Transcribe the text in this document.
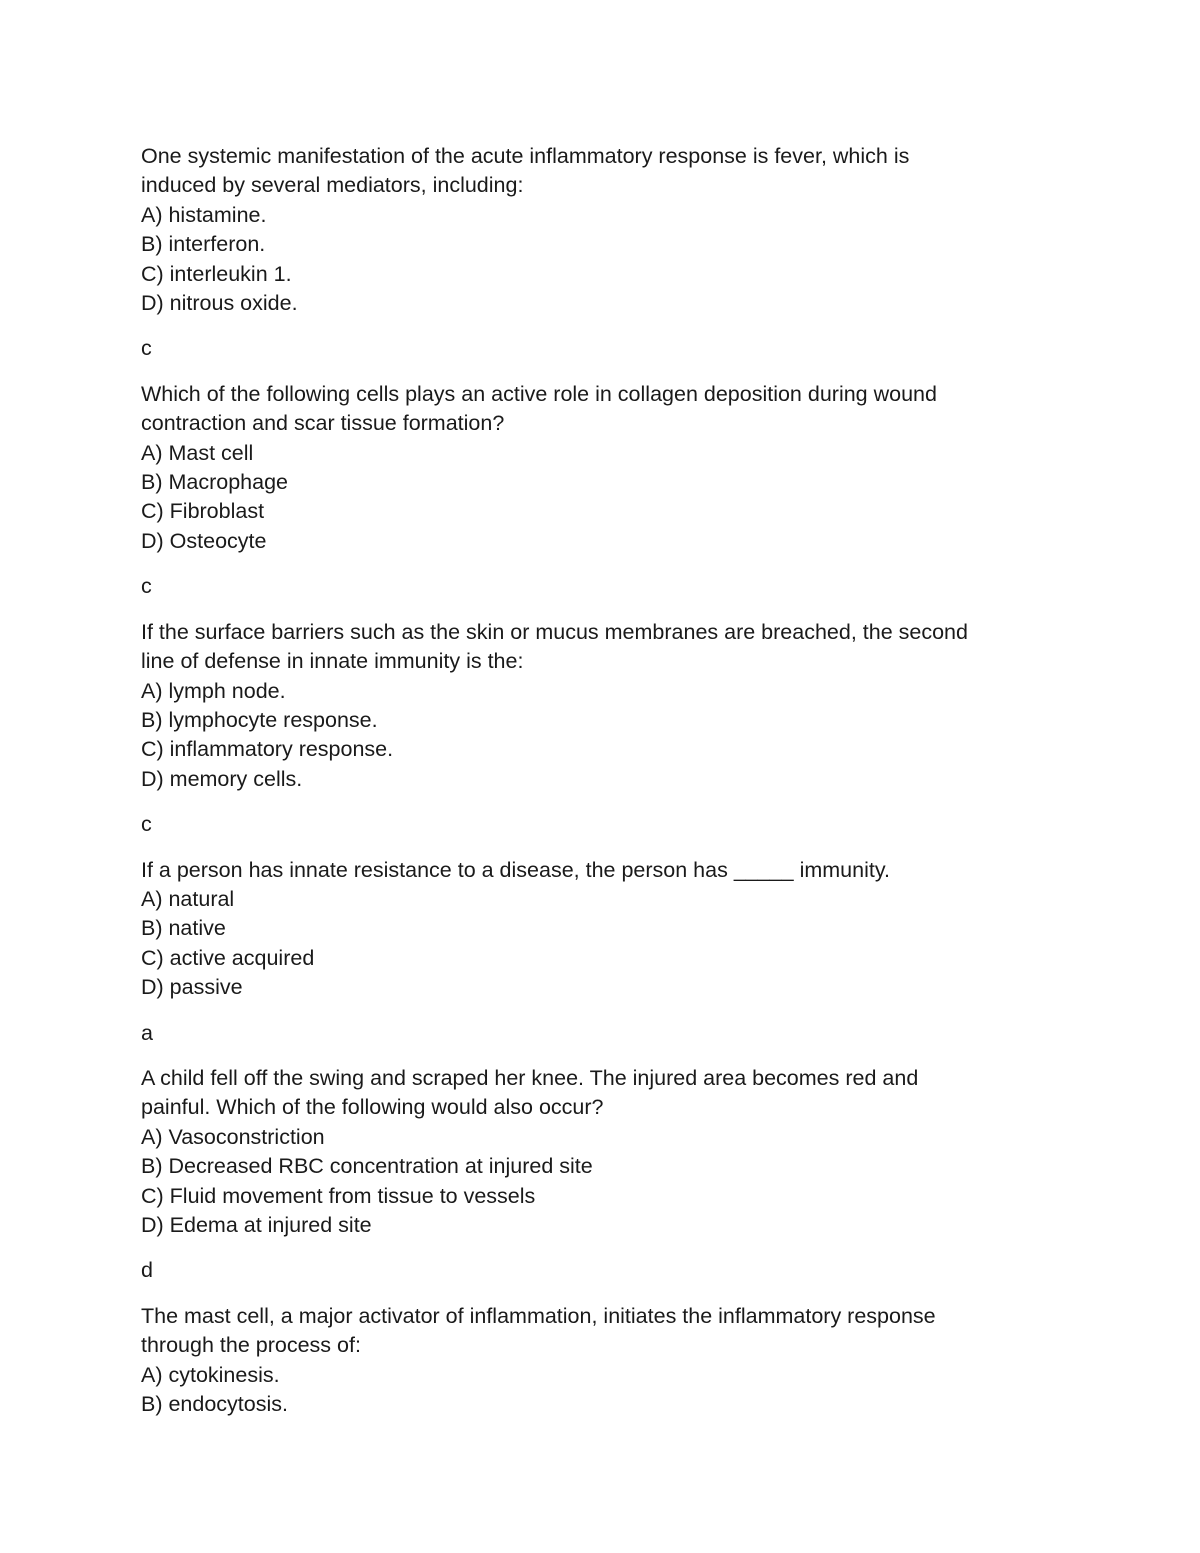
One systemic manifestation of the acute inflammatory response is fever, which is

induced by several mediators, including:

A) histamine.

B) interferon.

C) interleukin 1.

D) nitrous oxide.

c

Which of the following cells plays an active role in collagen deposition during wound

contraction and scar tissue formation?

A) Mast cell

B) Macrophage

C) Fibroblast

D) Osteocyte

c

If the surface barriers such as the skin or mucus membranes are breached, the second

line of defense in innate immunity is the:

A) lymph node.

B) lymphocyte response.

C) inflammatory response.

D) memory cells.

c

If a person has innate resistance to a disease, the person has _____ immunity.

A) natural

B) native

C) active acquired

D) passive

a

A child fell off the swing and scraped her knee. The injured area becomes red and

painful. Which of the following would also occur?

A) Vasoconstriction

B) Decreased RBC concentration at injured site

C) Fluid movement from tissue to vessels

D) Edema at injured site

d

The mast cell, a major activator of inflammation, initiates the inflammatory response

through the process of:

A) cytokinesis.

B) endocytosis.
